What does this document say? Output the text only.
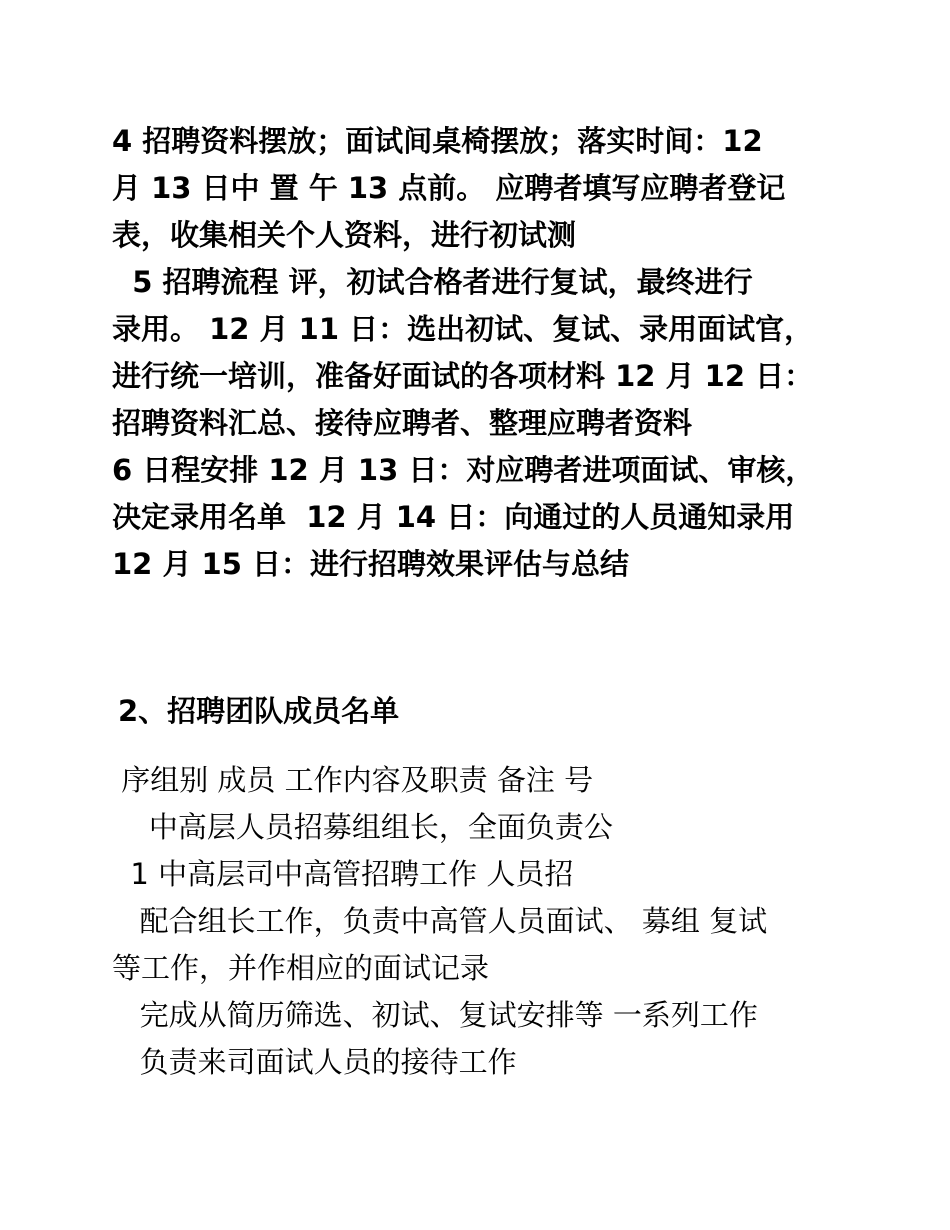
4 招聘资料摆放；面试间桌椅摆放；落实时间：12
月 13 日中 置 午 13 点前。 应聘者填写应聘者登记
表，收集相关个人资料，进行初试测
5 招聘流程 评，初试合格者进行复试，最终进行
录用。 12 月 11 日：选出初试、复试、录用面试官，
进行统一培训，准备好面试的各项材料 12 月 12 日：
招聘资料汇总、接待应聘者、整理应聘者资料
6 日程安排 12 月 13 日：对应聘者进项面试、审核，
决定录用名单  12 月 14 日：向通过的人员通知录用
12 月 15 日：进行招聘效果评估与总结
2、招聘团队成员名单
序组别 成员 工作内容及职责 备注 号
中高层人员招募组组长，全面负责公
1 中高层司中高管招聘工作 人员招
配合组长工作，负责中高管人员面试、 募组 复试
等工作，并作相应的面试记录
完成从简历筛选、初试、复试安排等 一系列工作
负责来司面试人员的接待工作
